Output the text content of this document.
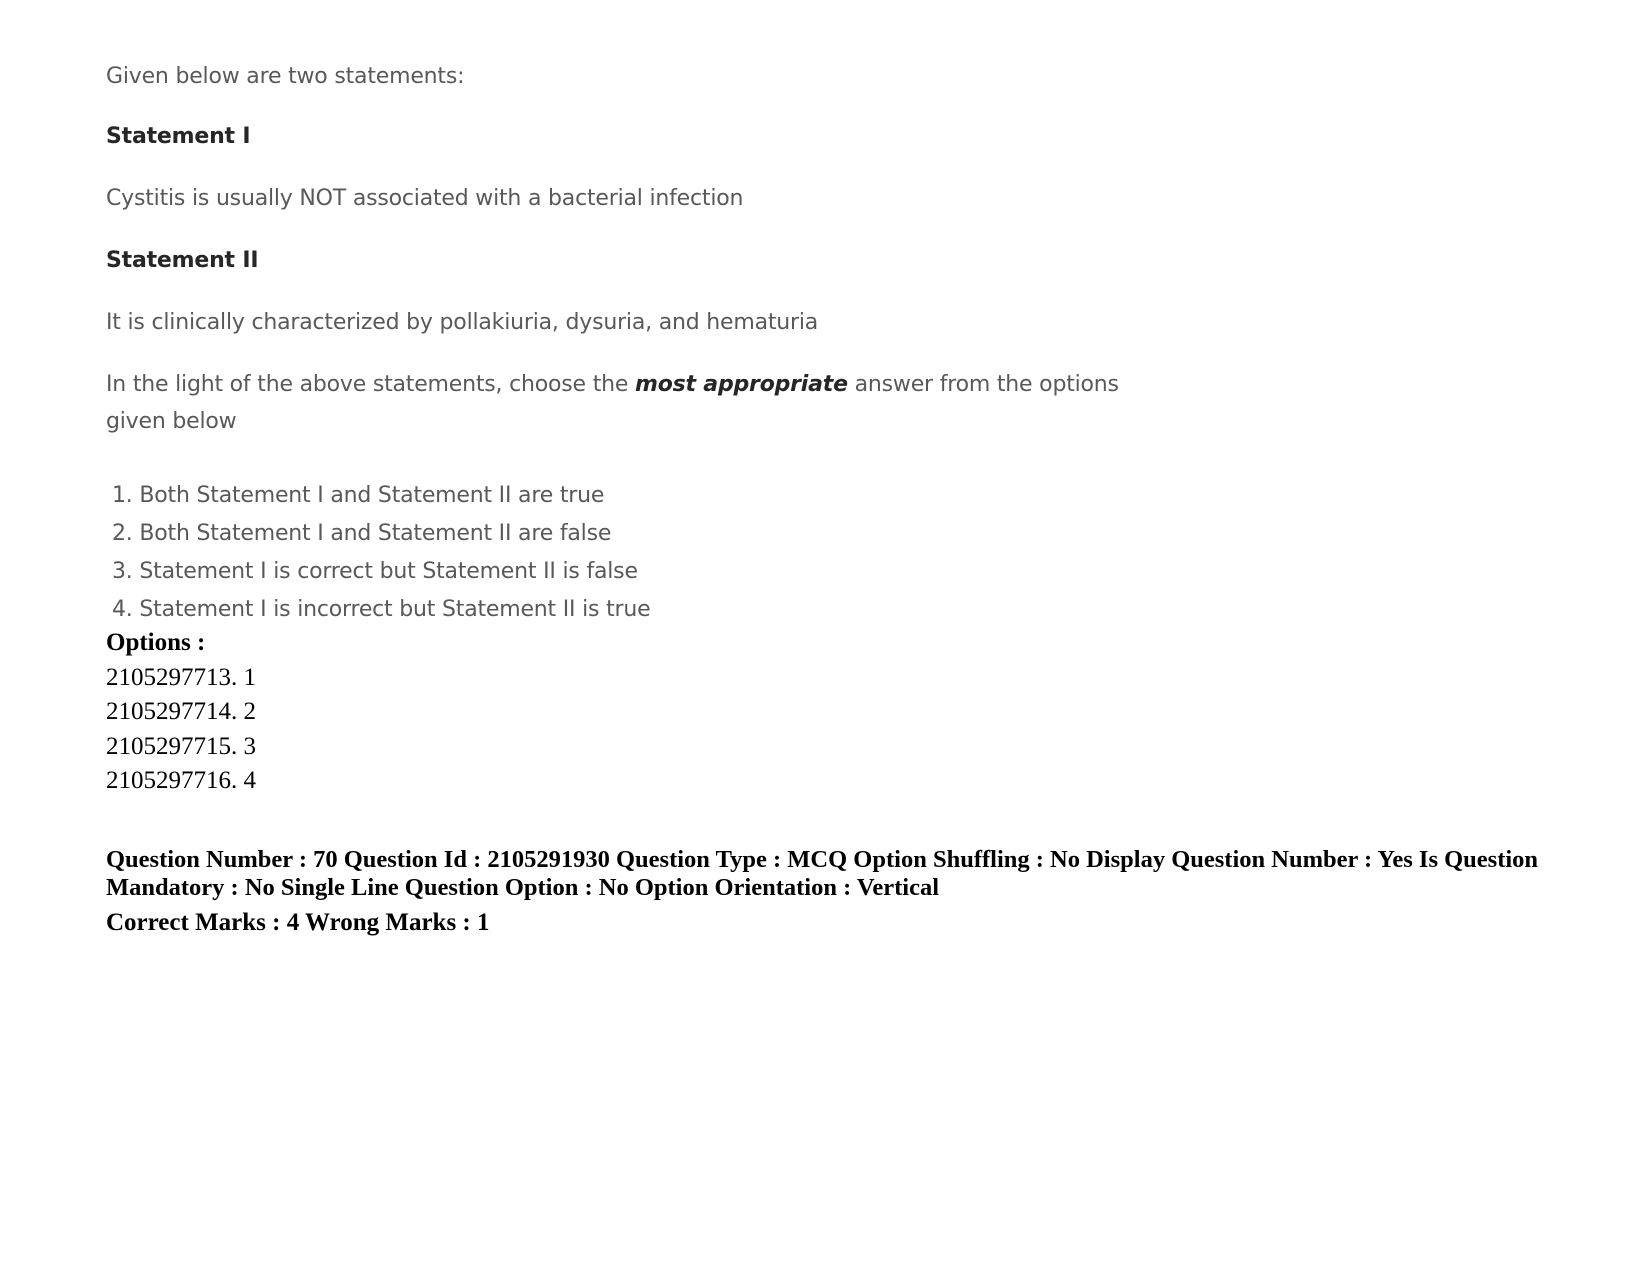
Given below are two statements:
Statement I
Cystitis is usually NOT associated with a bacterial infection
Statement II
It is clinically characterized by pollakiuria, dysuria, and hematuria
In the light of the above statements, choose the most appropriate answer from the options
given below
1. Both Statement I and Statement II are true
2. Both Statement I and Statement II are false
3. Statement I is correct but Statement II is false
4. Statement I is incorrect but Statement II is true
Options :
2105297713. 1
2105297714. 2
2105297715. 3
2105297716. 4
Question Number : 70 Question Id : 2105291930 Question Type : MCQ Option Shuffling : No Display Question Number : Yes Is Question Mandatory : No Single Line Question Option : No Option Orientation : Vertical
Correct Marks : 4 Wrong Marks : 1
